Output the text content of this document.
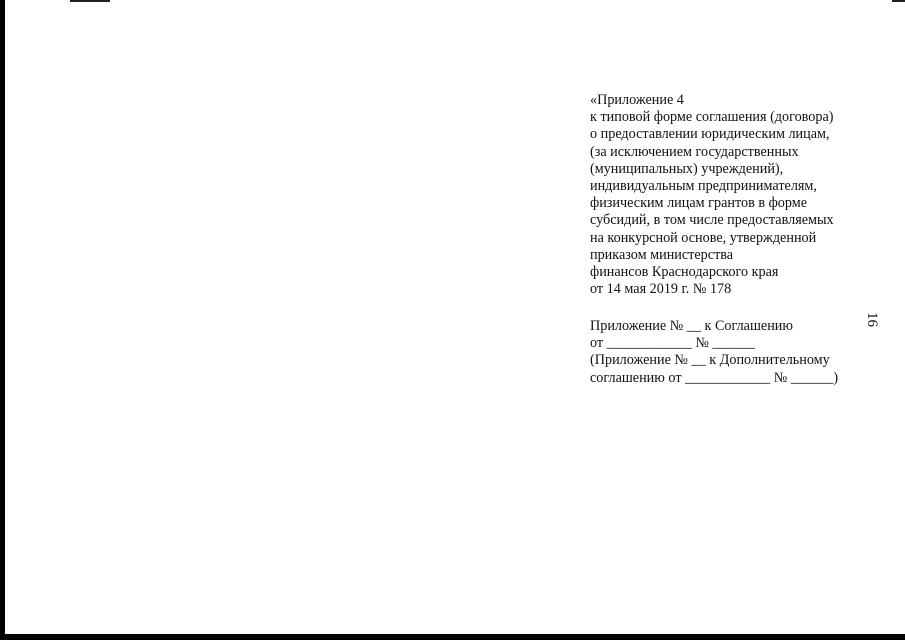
«Приложение 4
к типовой форме соглашения (договора)
о предоставлении юридическим лицам,
(за исключением государственных
(муниципальных) учреждений),
индивидуальным предпринимателям,
физическим лицам грантов в форме
субсидий, в том числе предоставляемых
на конкурсной основе, утвержденной
приказом министерства
финансов Краснодарского края
от 14 мая 2019 г. № 178
Приложение № __ к Соглашению
от ____________ № ______
(Приложение № __ к Дополнительному
соглашению от ____________ № ______)
16
